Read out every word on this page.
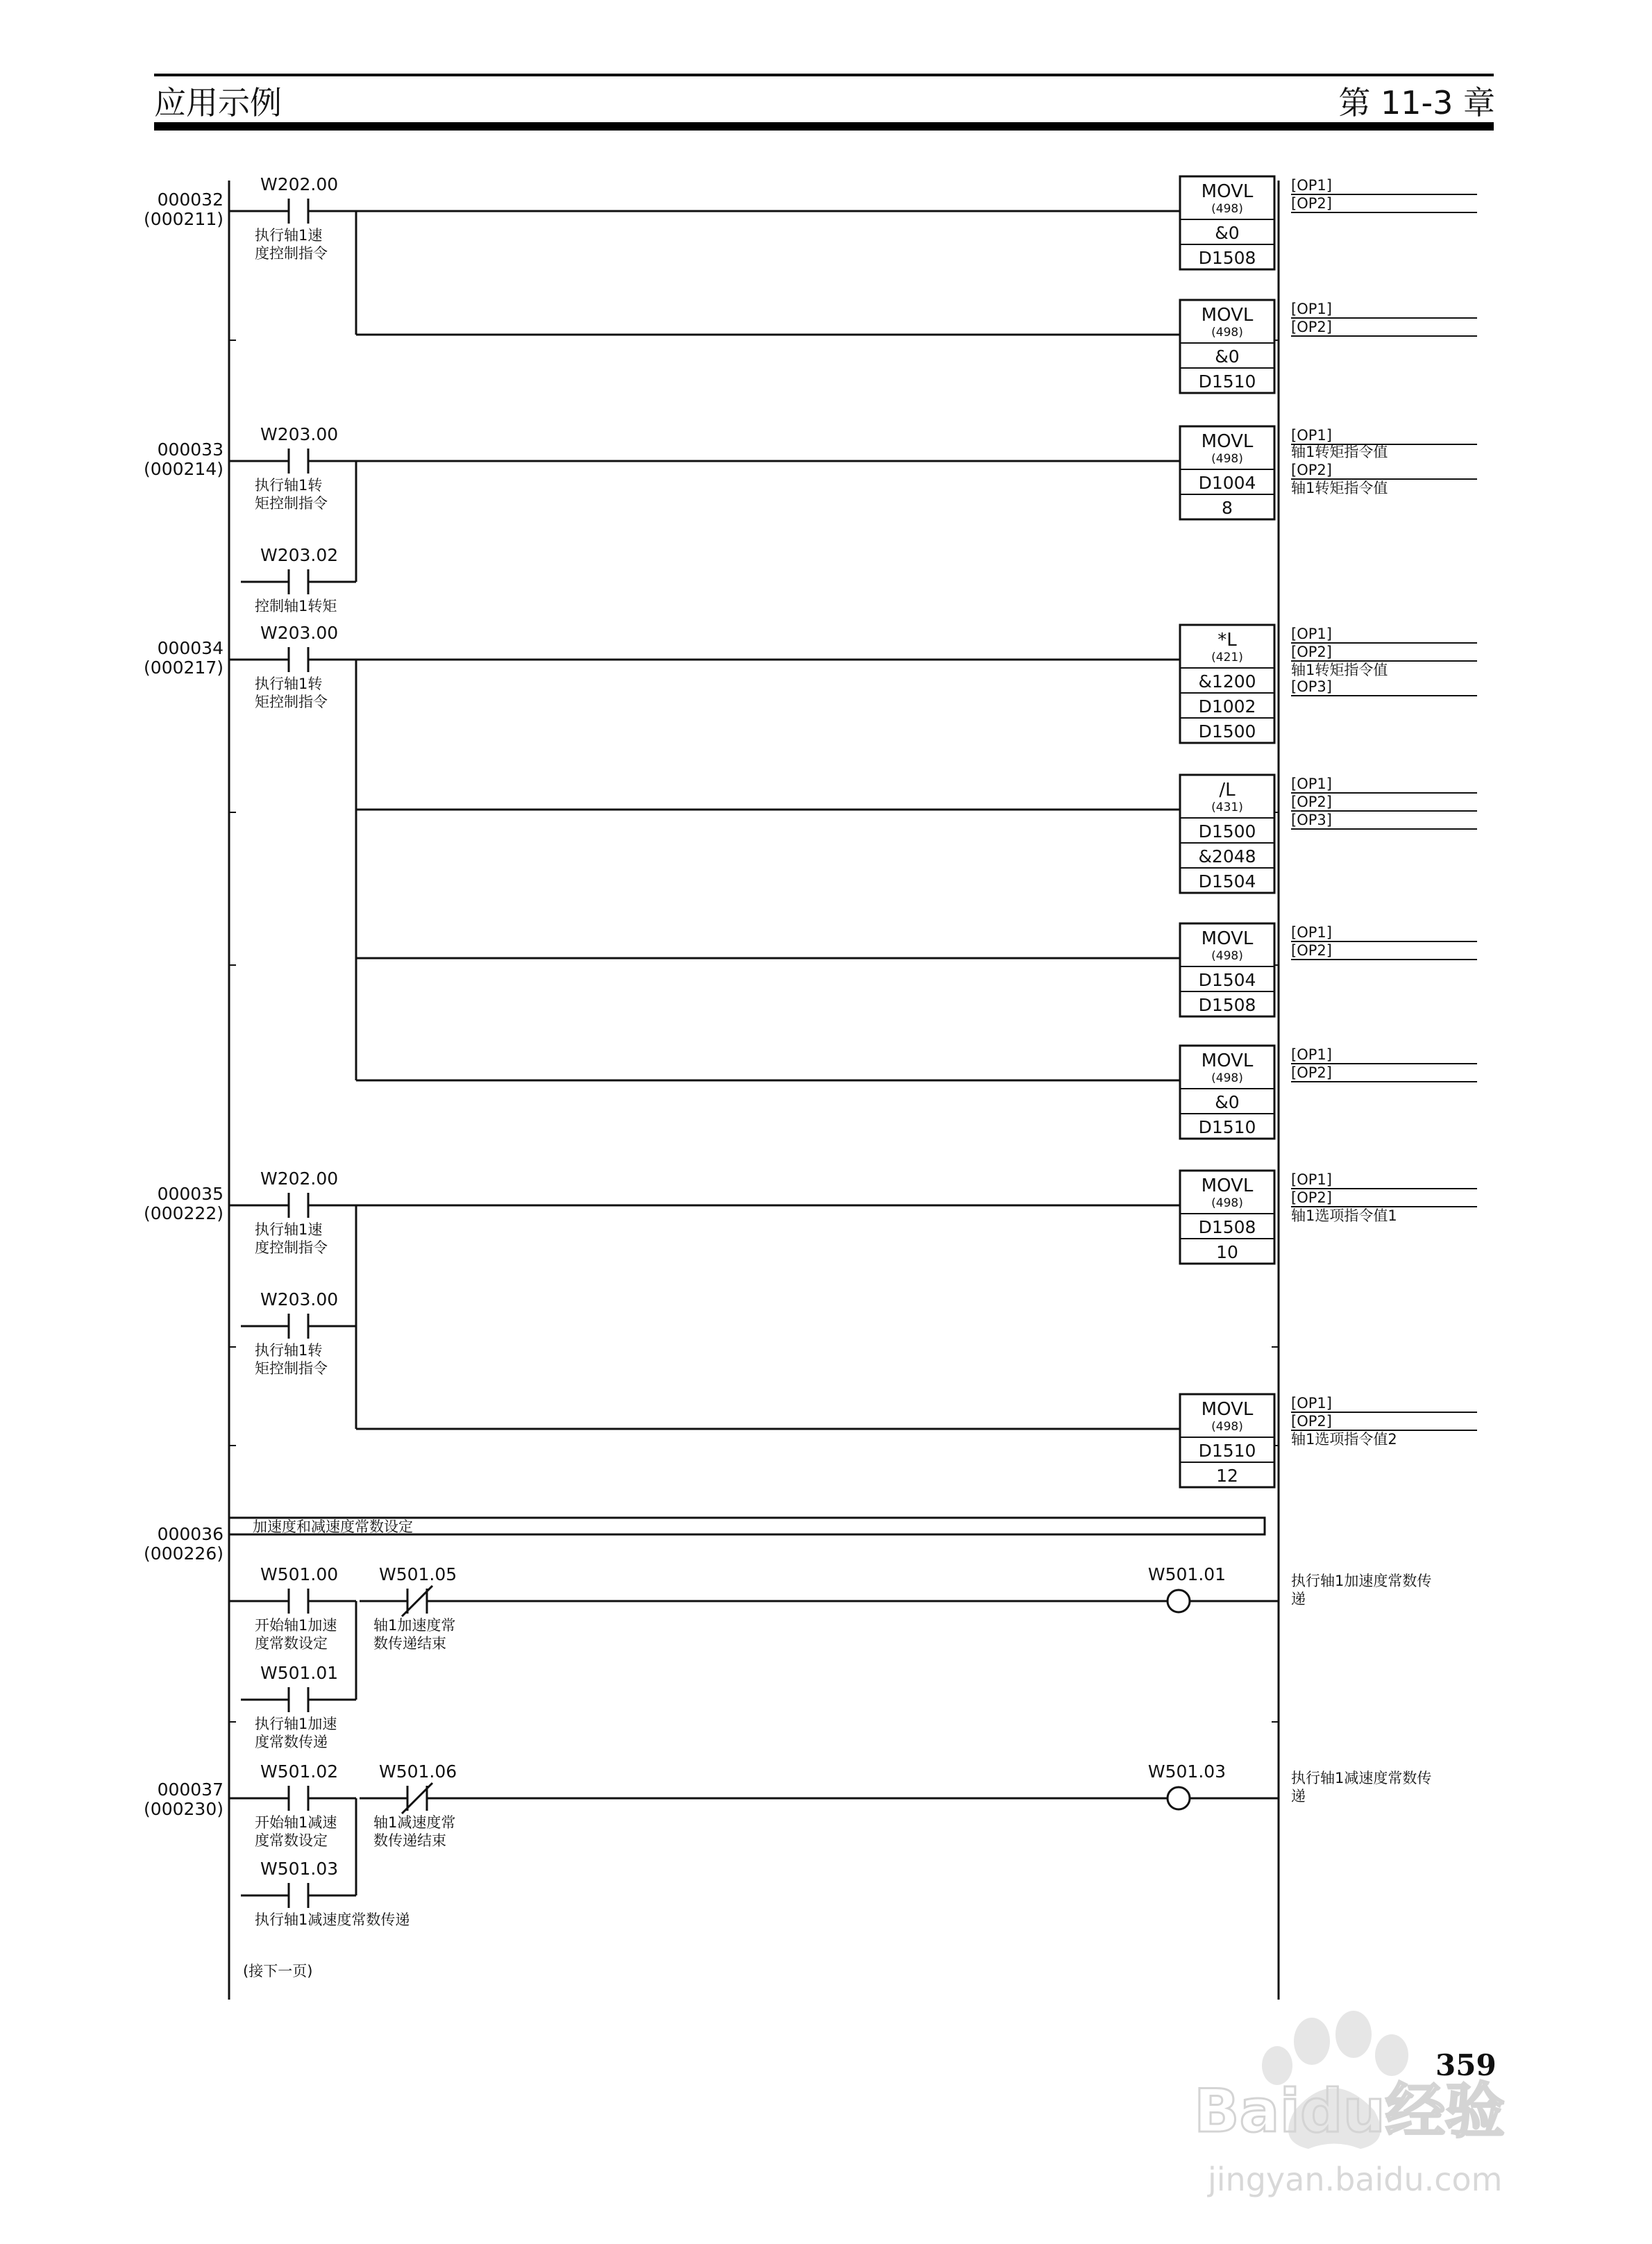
应用示例	第 11-3 章
000032
(000211)
W202.00
执行轴1速
度控制指令
MOVL
(498)
&0
D1508
[OP1]
[OP2]
MOVL
(498)
&0
D1510
[OP1]
[OP2]
000033
(000214)
W203.00
执行轴1转
矩控制指令
W203.02
控制轴1转矩
MOVL
(498)
D1004
8
[OP1]
轴1转矩指令值
[OP2]
轴1转矩指令值
000034
(000217)
W203.00
执行轴1转
矩控制指令
*L
(421)
&1200
D1002
D1500
[OP1]
[OP2]
轴1转矩指令值
[OP3]
/L
(431)
D1500
&2048
D1504
[OP1]
[OP2]
[OP3]
MOVL
(498)
D1504
D1508
[OP1]
[OP2]
MOVL
(498)
&0
D1510
[OP1]
[OP2]
000035
(000222)
W202.00
执行轴1速
度控制指令
W203.00
执行轴1转
矩控制指令
MOVL
(498)
D1508
10
[OP1]
[OP2]
轴1选项指令值1
MOVL
(498)
D1510
12
[OP1]
[OP2]
轴1选项指令值2
加速度和减速度常数设定
000036
(000226)
W501.00
开始轴1加速
度常数设定
W501.05
轴1加速度常
数传递结束
W501.01	执行轴1加速度常数传
递
W501.01
执行轴1加速
度常数传递
000037
(000230)
W501.02
开始轴1减速
度常数设定
W501.06
轴1减速度常
数传递结束
W501.03	执行轴1减速度常数传
递
W501.03
执行轴1减速度常数传递
(接下一页)
359
Baidu经验
jingyan.baidu.com
